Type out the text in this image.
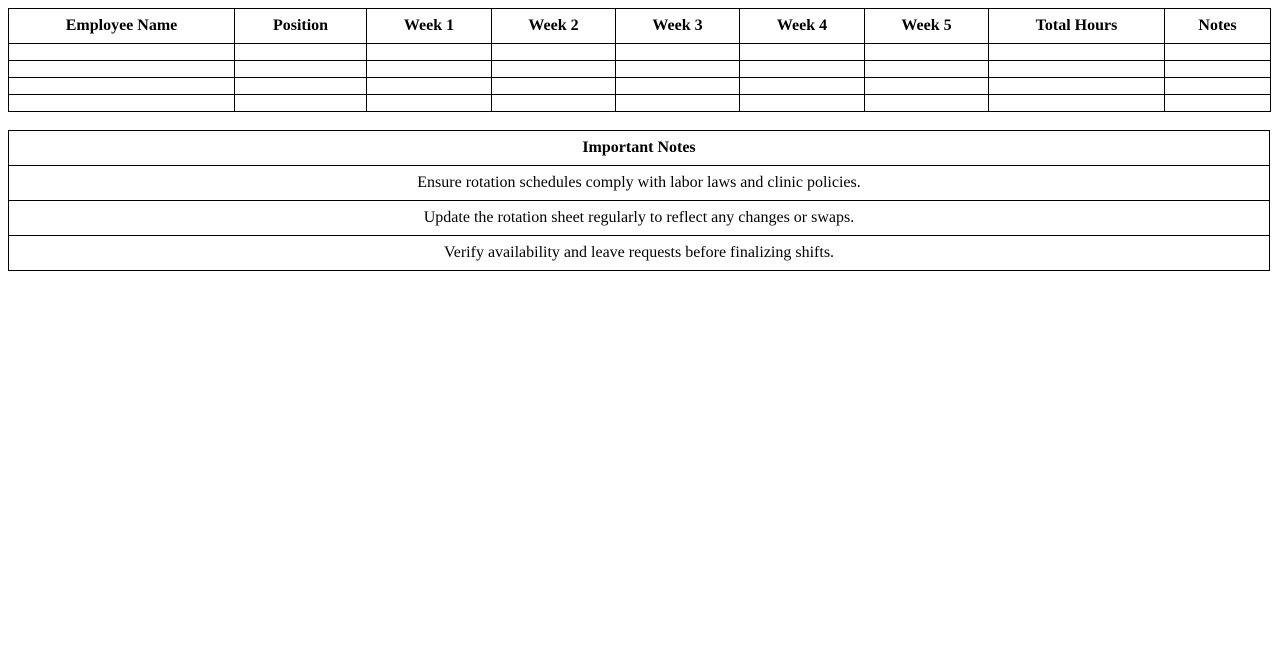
Employee Name	Position	Week 1	Week 2	Week 3	Week 4	Week 5	Total Hours	Notes

Important Notes
Ensure rotation schedules comply with labor laws and clinic policies.
Update the rotation sheet regularly to reflect any changes or swaps.
Verify availability and leave requests before finalizing shifts.
